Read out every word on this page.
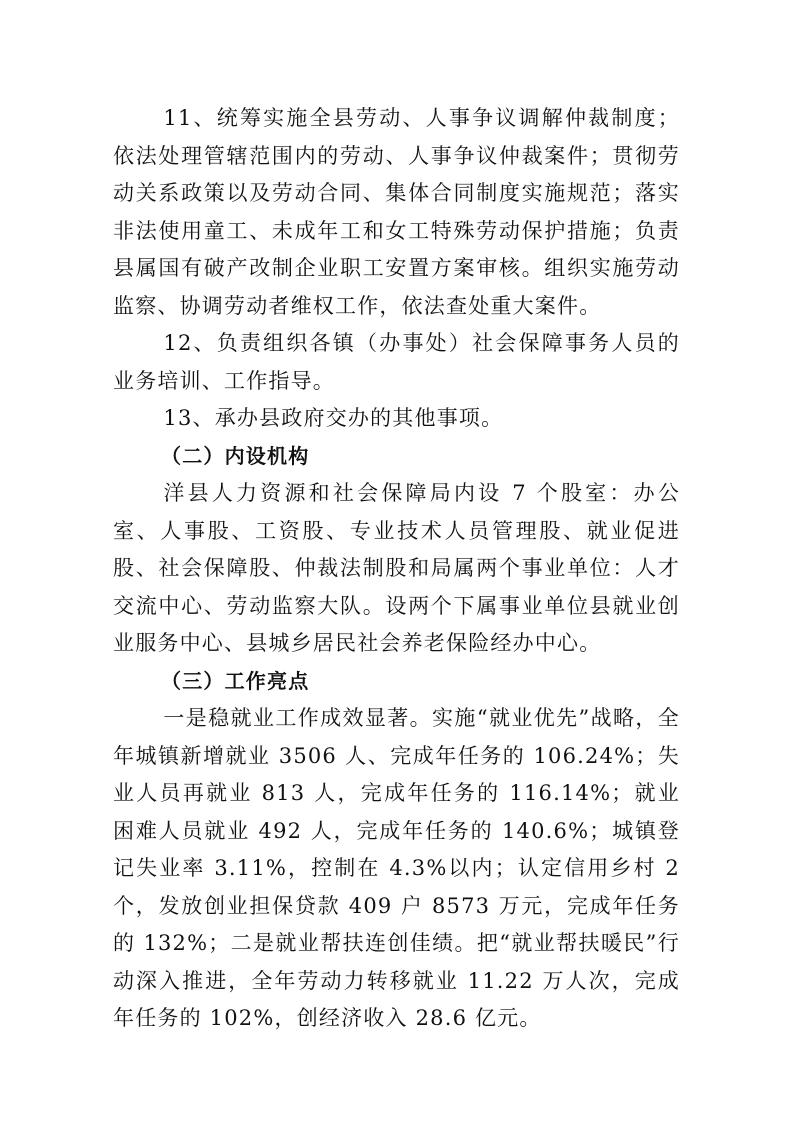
11、统筹实施全县劳动、人事争议调解仲裁制度；依法处理管辖范围内的劳动、人事争议仲裁案件；贯彻劳动关系政策以及劳动合同、集体合同制度实施规范；落实非法使用童工、未成年工和女工特殊劳动保护措施；负责县属国有破产改制企业职工安置方案审核。组织实施劳动监察、协调劳动者维权工作，依法查处重大案件。

12、负责组织各镇（办事处）社会保障事务人员的业务培训、工作指导。

13、承办县政府交办的其他事项。

（二）内设机构

洋县人力资源和社会保障局内设 7 个股室：办公室、人事股、工资股、专业技术人员管理股、就业促进股、社会保障股、仲裁法制股和局属两个事业单位：人才交流中心、劳动监察大队。设两个下属事业单位县就业创业服务中心、县城乡居民社会养老保险经办中心。

（三）工作亮点

一是稳就业工作成效显著。实施“就业优先”战略，全年城镇新增就业 3506 人、完成年任务的 106.24%；失业人员再就业 813 人，完成年任务的 116.14%；就业困难人员就业 492 人，完成年任务的 140.6%；城镇登记失业率 3.11%，控制在 4.3%以内；认定信用乡村 2 个，发放创业担保贷款 409 户 8573 万元，完成年任务的 132%；二是就业帮扶连创佳绩。把“就业帮扶暖民”行动深入推进，全年劳动力转移就业 11.22 万人次，完成年任务的 102%，创经济收入 28.6 亿元。
